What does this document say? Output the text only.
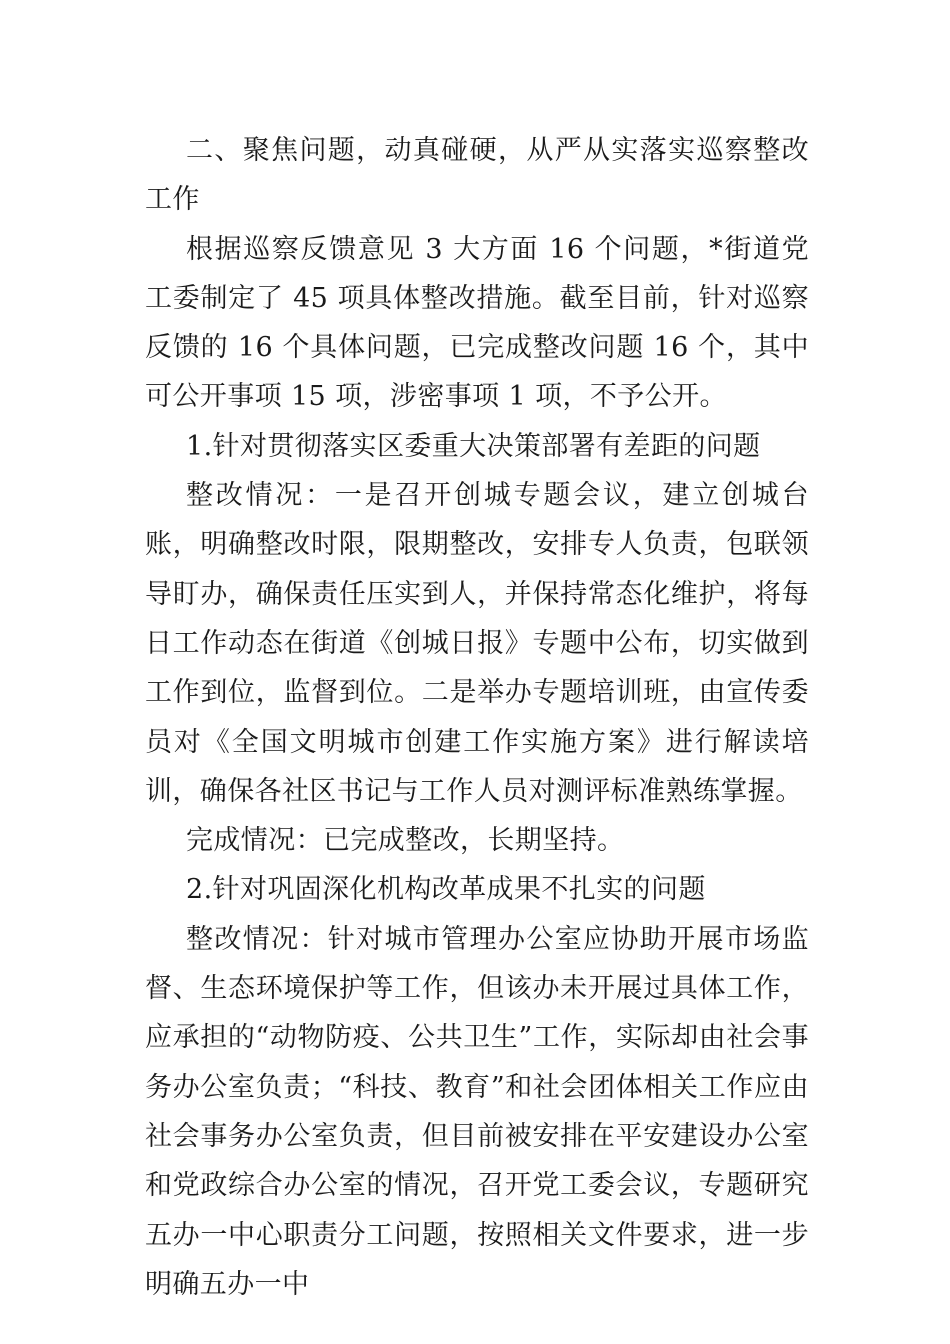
二、聚焦问题，动真碰硬，从严从实落实巡察整改工作

根据巡察反馈意见 3 大方面 16 个问题，*街道党工委制定了 45 项具体整改措施。截至目前，针对巡察反馈的 16 个具体问题，已完成整改问题 16 个，其中可公开事项 15 项，涉密事项 1 项，不予公开。

1.针对贯彻落实区委重大决策部署有差距的问题

整改情况：一是召开创城专题会议，建立创城台账，明确整改时限，限期整改，安排专人负责，包联领导盯办，确保责任压实到人，并保持常态化维护，将每日工作动态在街道《创城日报》专题中公布，切实做到工作到位，监督到位。二是举办专题培训班，由宣传委员对《全国文明城市创建工作实施方案》进行解读培训，确保各社区书记与工作人员对测评标准熟练掌握。

完成情况：已完成整改，长期坚持。

2.针对巩固深化机构改革成果不扎实的问题

整改情况：针对城市管理办公室应协助开展市场监督、生态环境保护等工作，但该办未开展过具体工作，应承担的“动物防疫、公共卫生”工作，实际却由社会事务办公室负责；“科技、教育”和社会团体相关工作应由社会事务办公室负责，但目前被安排在平安建设办公室和党政综合办公室的情况，召开党工委会议，专题研究五办一中心职责分工问题，按照相关文件要求，进一步明确五办一中
